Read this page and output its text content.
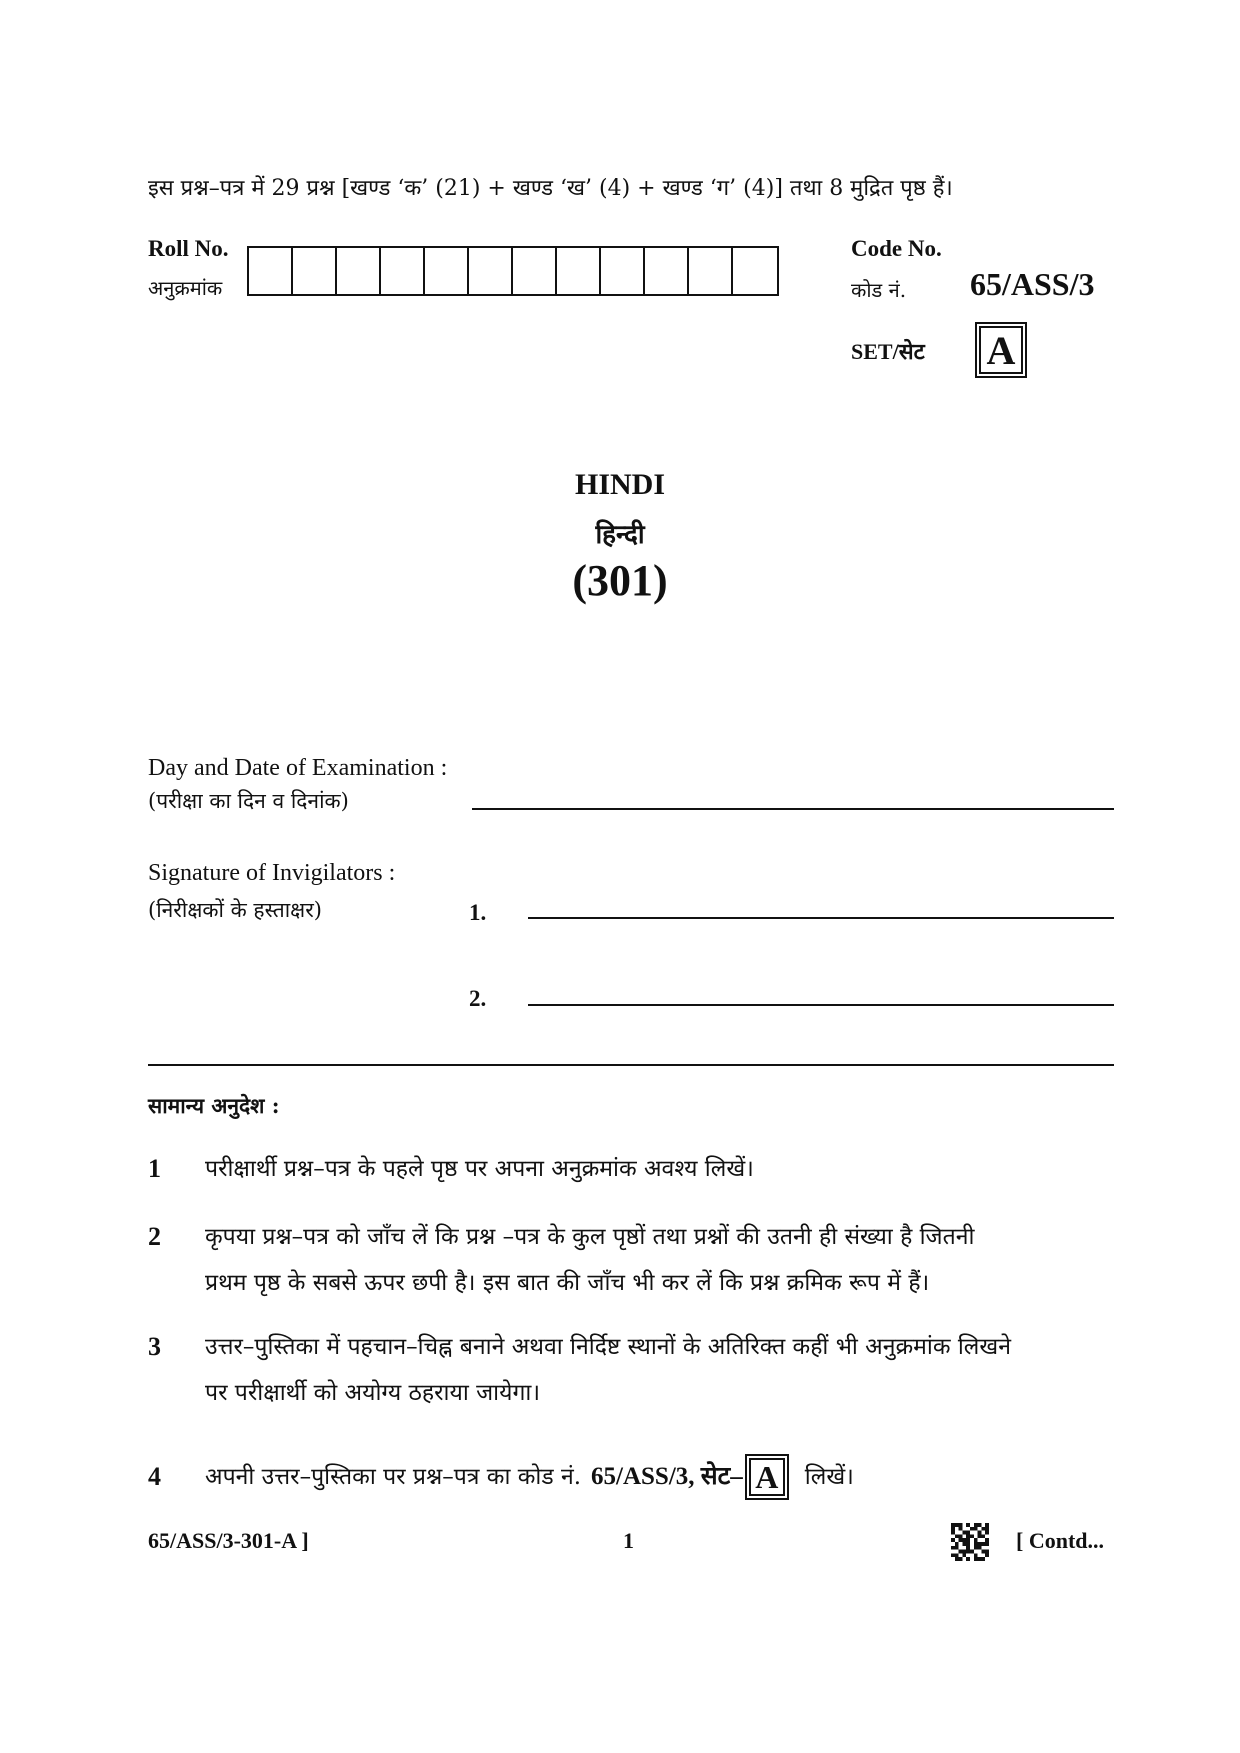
इस प्रश्न–पत्र में 29 प्रश्न [खण्ड ‘क’ (21) + खण्ड ‘ख’ (4) + खण्ड ‘ग’ (4)] तथा 8 मुद्रित पृष्ठ हैं।
Roll No.
अनुक्रमांक
Code No.
कोड नं. 65/ASS/3
SET/सेट A
HINDI
हिन्दी
(301)
Day and Date of Examination :
(परीक्षा का दिन व दिनांक)
Signature of Invigilators :
(निरीक्षकों के हस्ताक्षर)	1.
2.
सामान्य अनुदेश :
1 परीक्षार्थी प्रश्न–पत्र के पहले पृष्ठ पर अपना अनुक्रमांक अवश्य लिखें।
2 कृपया प्रश्न–पत्र को जाँच लें कि प्रश्न –पत्र के कुल पृष्ठों तथा प्रश्नों की उतनी ही संख्या है जितनी
प्रथम पृष्ठ के सबसे ऊपर छपी है। इस बात की जाँच भी कर लें कि प्रश्न क्रमिक रूप में हैं।
3 उत्तर–पुस्तिका में पहचान–चिह्न बनाने अथवा निर्दिष्ट स्थानों के अतिरिक्त कहीं भी अनुक्रमांक लिखने
पर परीक्षार्थी को अयोग्य ठहराया जायेगा।
4 अपनी उत्तर–पुस्तिका पर प्रश्न–पत्र का कोड नं. 65/ASS/3, सेट– A लिखें।
65/ASS/3-301-A ]	1	[ Contd...
